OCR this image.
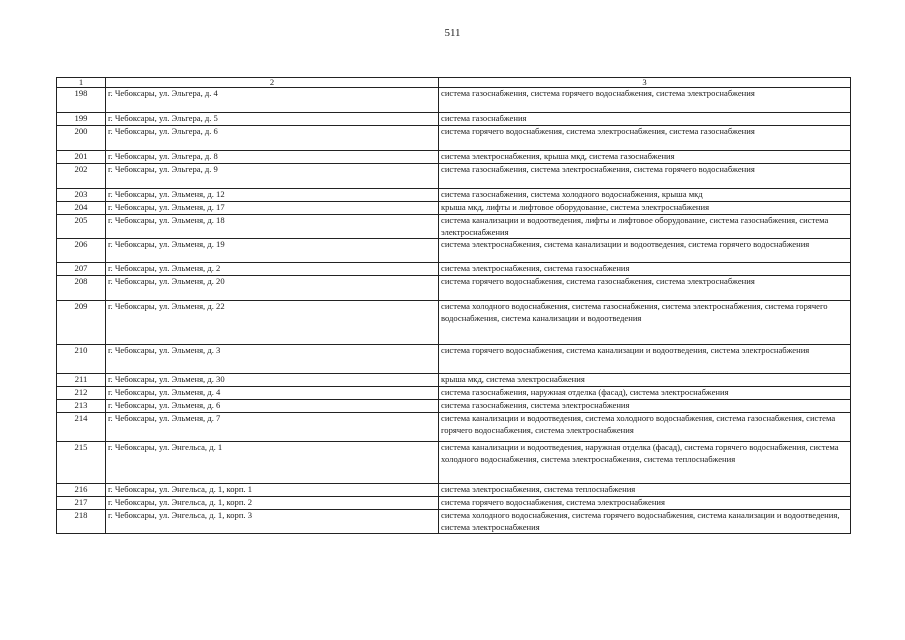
511
1	2	3
198	г. Чебоксары, ул. Эльгера, д. 4	система газоснабжения, система горячего водоснабжения, система электроснабжения
199	г. Чебоксары, ул. Эльгера, д. 5	система газоснабжения
200	г. Чебоксары, ул. Эльгера, д. 6	система горячего водоснабжения, система электроснабжения, система газоснабжения
201	г. Чебоксары, ул. Эльгера, д. 8	система электроснабжения, крыша мкд, система газоснабжения
202	г. Чебоксары, ул. Эльгера, д. 9	система газоснабжения, система электроснабжения, система горячего водоснабжения
203	г. Чебоксары, ул. Эльменя, д. 12	система газоснабжения, система холодного водоснабжения, крыша мкд
204	г. Чебоксары, ул. Эльменя, д. 17	крыша мкд, лифты и лифтовое оборудование, система электроснабжения
205	г. Чебоксары, ул. Эльменя, д. 18	система канализации и водоотведения, лифты и лифтовое оборудование, система газоснабжения, система электроснабжения
206	г. Чебоксары, ул. Эльменя, д. 19	система электроснабжения, система канализации и водоотведения, система горячего водоснабжения
207	г. Чебоксары, ул. Эльменя, д. 2	система электроснабжения, система газоснабжения
208	г. Чебоксары, ул. Эльменя, д. 20	система горячего водоснабжения, система газоснабжения, система электроснабжения
209	г. Чебоксары, ул. Эльменя, д. 22	система холодного водоснабжения, система газоснабжения, система электроснабжения, система горячего водоснабжения, система канализации и водоотведения
210	г. Чебоксары, ул. Эльменя, д. 3	система горячего водоснабжения, система канализации и водоотведения, система электроснабжения
211	г. Чебоксары, ул. Эльменя, д. 30	крыша мкд, система электроснабжения
212	г. Чебоксары, ул. Эльменя, д. 4	система газоснабжения, наружная отделка (фасад), система электроснабжения
213	г. Чебоксары, ул. Эльменя, д. 6	система газоснабжения, система электроснабжения
214	г. Чебоксары, ул. Эльменя, д. 7	система канализации и водоотведения, система холодного водоснабжения, система газоснабжения, система горячего водоснабжения, система электроснабжения
215	г. Чебоксары, ул. Энгельса, д. 1	система канализации и водоотведения, наружная отделка (фасад), система горячего водоснабжения, система холодного водоснабжения, система электроснабжения, система теплоснабжения
216	г. Чебоксары, ул. Энгельса, д. 1, корп. 1	система электроснабжения, система теплоснабжения
217	г. Чебоксары, ул. Энгельса, д. 1, корп. 2	система горячего водоснабжения, система электроснабжения
218	г. Чебоксары, ул. Энгельса, д. 1, корп. 3	система холодного водоснабжения, система горячего водоснабжения, система канализации и водоотведения, система электроснабжения
